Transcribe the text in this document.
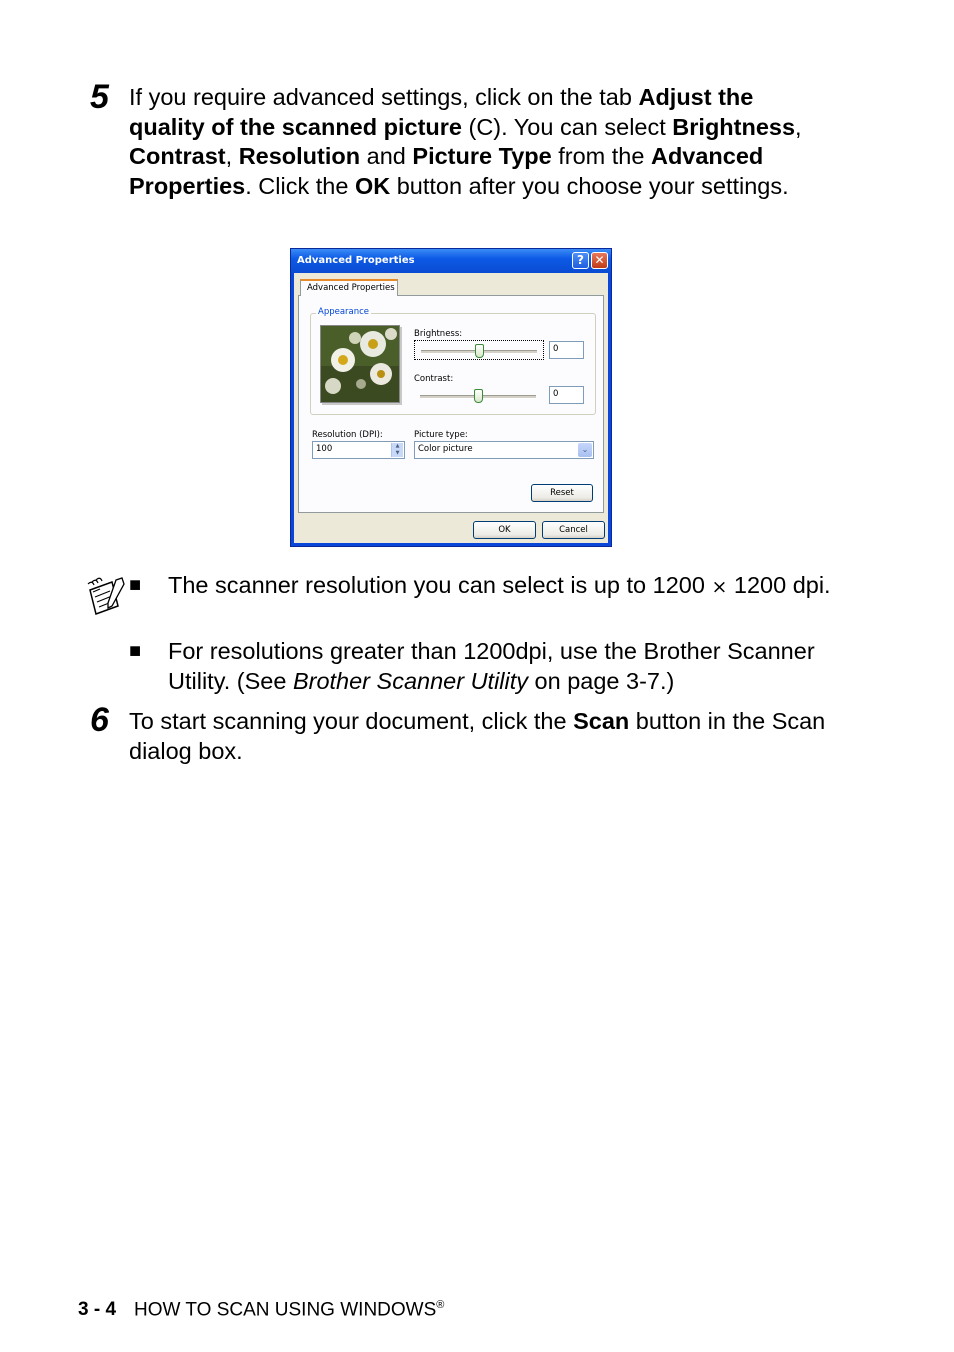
5 If you require advanced settings, click on the tab Adjust the quality of the scanned picture (C). You can select Brightness, Contrast, Resolution and Picture Type from the Advanced Properties. Click the OK button after you choose your settings.

Advanced Properties	? ✕
Advanced Properties
Appearance
Brightness:
0
Contrast:
0
Resolution (DPI):
100	▲
▼
Picture type:
Color picture	⌄
Reset
OK	Cancel
■ The scanner resolution you can select is up to 1200 × 1200 dpi.

■ For resolutions greater than 1200dpi, use the Brother Scanner Utility. (See Brother Scanner Utility on page 3-7.)

6 To start scanning your document, click the Scan button in the Scan dialog box.

3 - 4 HOW TO SCAN USING WINDOWS®
